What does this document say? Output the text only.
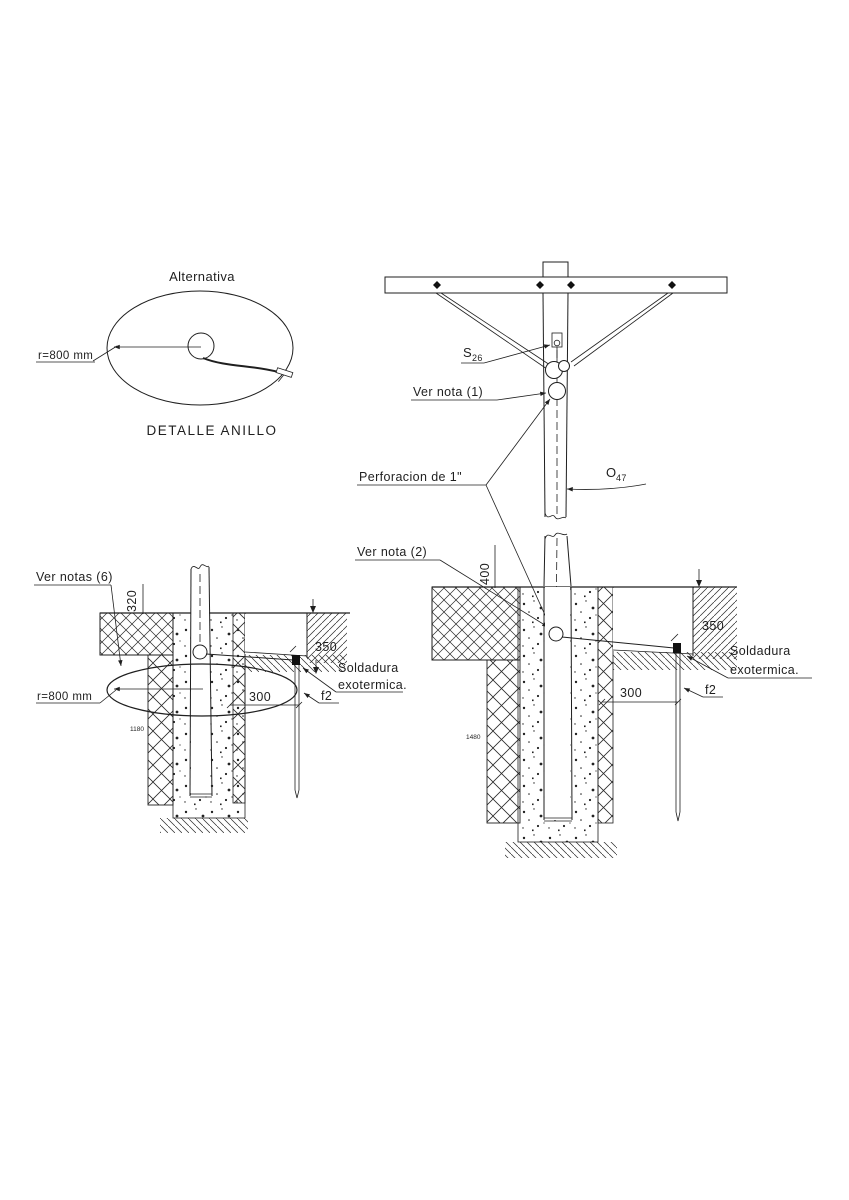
Alternativa
r=800 mm
DETALLE ANILLO
S 26
Ver nota (1)
Perforacion de 1"	O 47
Ver nota (2)
400
350
300	f2
Soldadura
exotermica.
1480
r=800 mm
Ver notas (6)
320
350
300	f2
Soldadura
exotermica.
1180
